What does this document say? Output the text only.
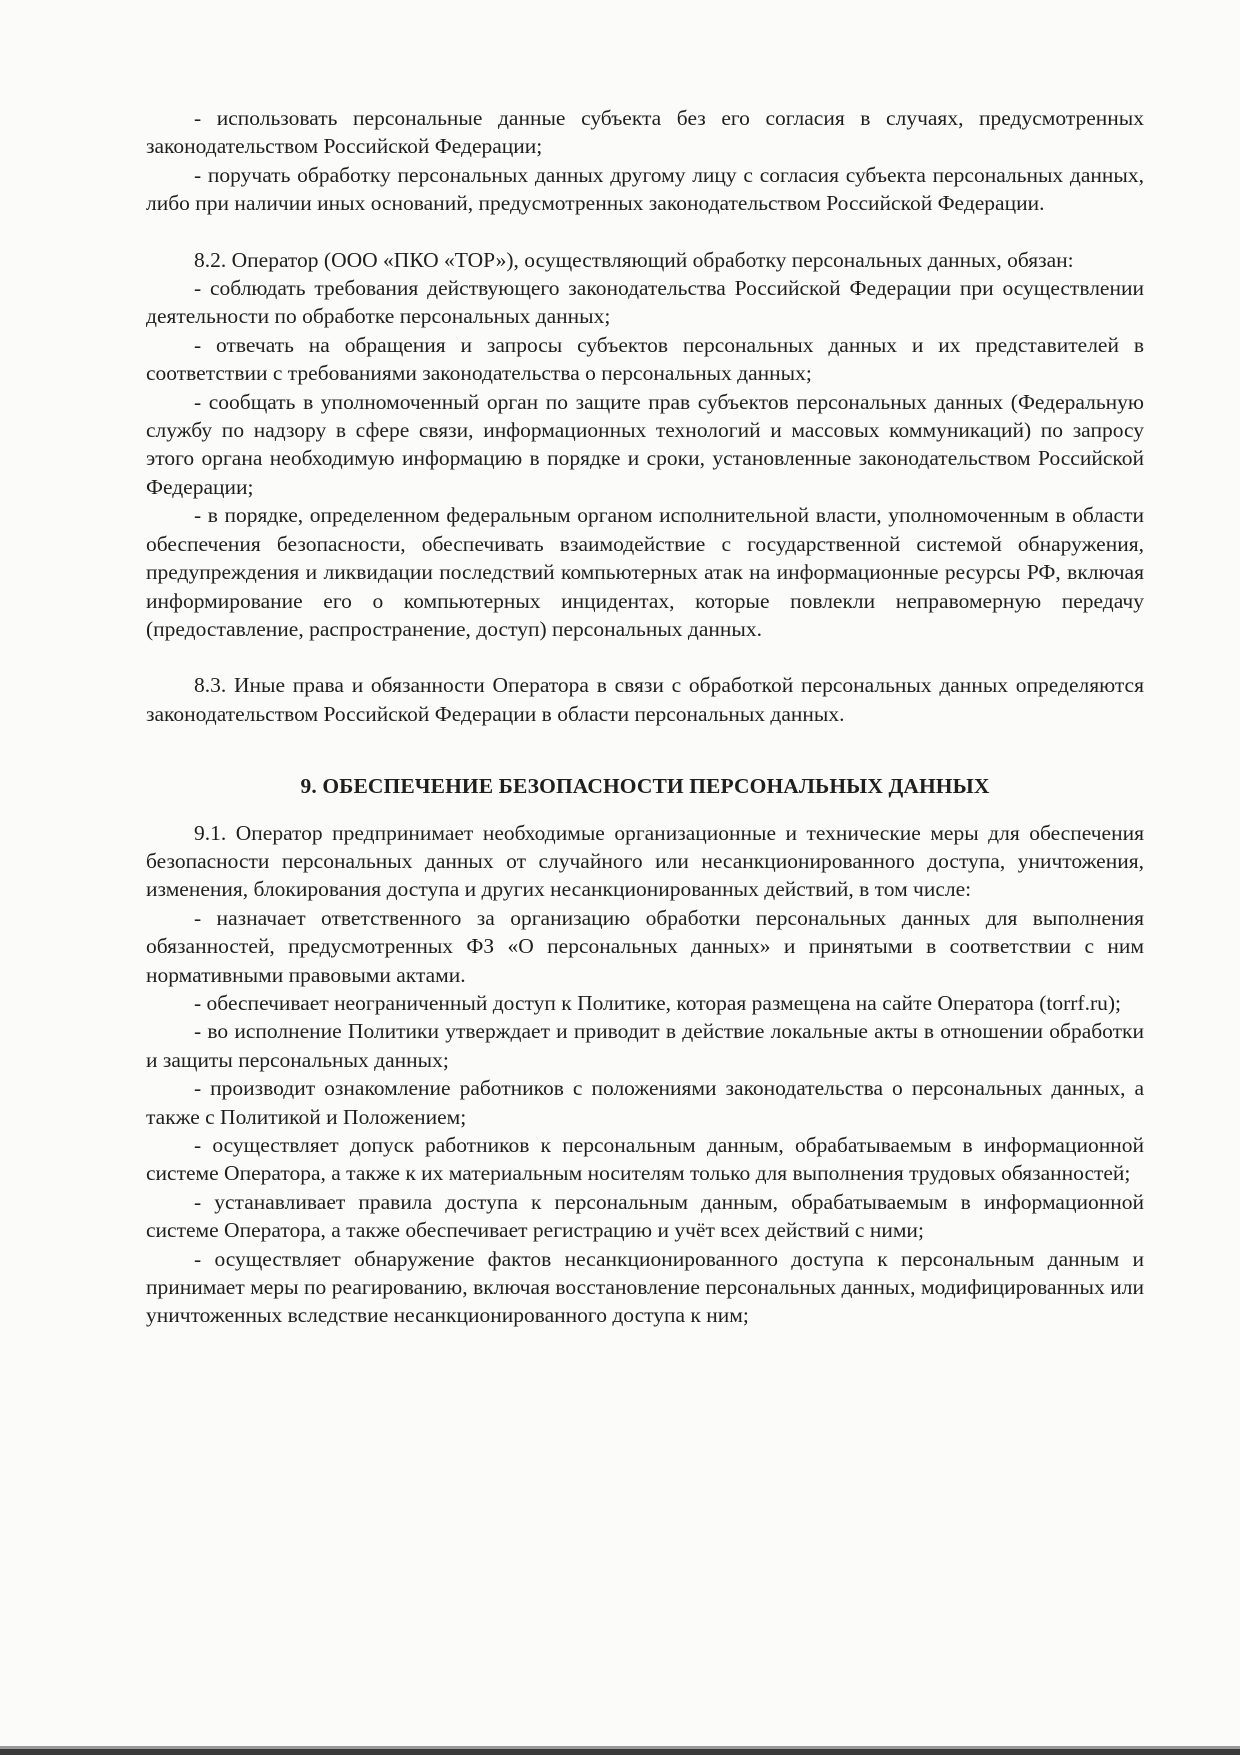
- использовать персональные данные субъекта без его согласия в случаях, предусмотренных законодательством Российской Федерации;

- поручать обработку персональных данных другому лицу с согласия субъекта персональных данных, либо при наличии иных оснований, предусмотренных законодательством Российской Федерации.

8.2. Оператор (ООО «ПКО «ТОР»), осуществляющий обработку персональных данных, обязан:

- соблюдать требования действующего законодательства Российской Федерации при осуществлении деятельности по обработке персональных данных;

- отвечать на обращения и запросы субъектов персональных данных и их представителей в соответствии с требованиями законодательства о персональных данных;

- сообщать в уполномоченный орган по защите прав субъектов персональных данных (Федеральную службу по надзору в сфере связи, информационных технологий и массовых коммуникаций) по запросу этого органа необходимую информацию в порядке и сроки, установленные законодательством Российской Федерации;

- в порядке, определенном федеральным органом исполнительной власти, уполномоченным в области обеспечения безопасности, обеспечивать взаимодействие с государственной системой обнаружения, предупреждения и ликвидации последствий компьютерных атак на информационные ресурсы РФ, включая информирование его о компьютерных инцидентах, которые повлекли неправомерную передачу (предоставление, распространение, доступ) персональных данных.

8.3. Иные права и обязанности Оператора в связи с обработкой персональных данных определяются законодательством Российской Федерации в области персональных данных.

9. ОБЕСПЕЧЕНИЕ БЕЗОПАСНОСТИ ПЕРСОНАЛЬНЫХ ДАННЫХ

9.1. Оператор предпринимает необходимые организационные и технические меры для обеспечения безопасности персональных данных от случайного или несанкционированного доступа, уничтожения, изменения, блокирования доступа и других несанкционированных действий, в том числе:

- назначает ответственного за организацию обработки персональных данных для выполнения обязанностей, предусмотренных ФЗ «О персональных данных» и принятыми в соответствии с ним нормативными правовыми актами.

- обеспечивает неограниченный доступ к Политике, которая размещена на сайте Оператора (torrf.ru);

- во исполнение Политики утверждает и приводит в действие локальные акты в отношении обработки и защиты персональных данных;

- производит ознакомление работников с положениями законодательства о персональных данных, а также с Политикой и Положением;

- осуществляет допуск работников к персональным данным, обрабатываемым в информационной системе Оператора, а также к их материальным носителям только для выполнения трудовых обязанностей;

- устанавливает правила доступа к персональным данным, обрабатываемым в информационной системе Оператора, а также обеспечивает регистрацию и учёт всех действий с ними;

- осуществляет обнаружение фактов несанкционированного доступа к персональным данным и принимает меры по реагированию, включая восстановление персональных данных, модифицированных или уничтоженных вследствие несанкционированного доступа к ним;
